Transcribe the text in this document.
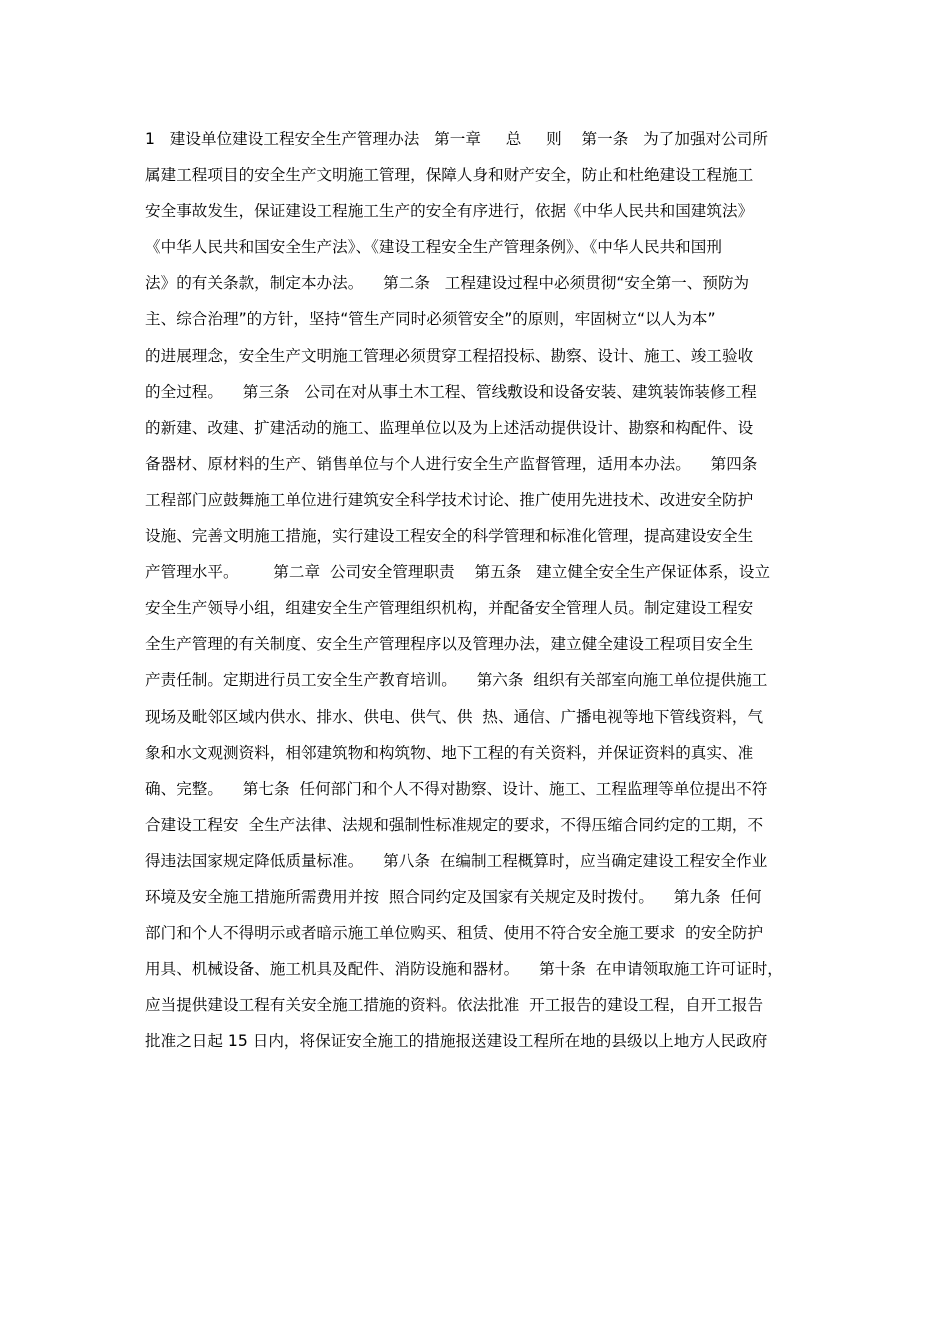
1   建设单位建设工程安全生产管理办法   第一章     总     则    第一条   为了加强对公司所
属建工程项目的安全生产文明施工管理，保障人身和财产安全，防止和杜绝建设工程施工
安全事故发生，保证建设工程施工生产的安全有序进行，依据《中华人民共和国建筑法》
《中华人民共和国安全生产法》、《建设工程安全生产管理条例》、《中华人民共和国刑
法》的有关条款，制定本办法。    第二条   工程建设过程中必须贯彻“安全第一、预防为
主、综合治理”的方针，坚持“管生产同时必须管安全”的原则，牢固树立“以人为本”
的进展理念，安全生产文明施工管理必须贯穿工程招投标、勘察、设计、施工、竣工验收
的全过程。    第三条   公司在对从事土木工程、管线敷设和设备安装、建筑装饰装修工程
的新建、改建、扩建活动的施工、监理单位以及为上述活动提供设计、勘察和构配件、设
备器材、原材料的生产、销售单位与个人进行安全生产监督管理，适用本办法。    第四条
工程部门应鼓舞施工单位进行建筑安全科学技术讨论、推广使用先进技术、改进安全防护
设施、完善文明施工措施，实行建设工程安全的科学管理和标准化管理，提高建设安全生
产管理水平。       第二章  公司安全管理职责    第五条   建立健全安全生产保证体系，设立
安全生产领导小组，组建安全生产管理组织机构，并配备安全管理人员。制定建设工程安
全生产管理的有关制度、安全生产管理程序以及管理办法，建立健全建设工程项目安全生
产责任制。定期进行员工安全生产教育培训。    第六条  组织有关部室向施工单位提供施工
现场及毗邻区域内供水、排水、供电、供气、供  热、通信、广播电视等地下管线资料，气
象和水文观测资料，相邻建筑物和构筑物、地下工程的有关资料，并保证资料的真实、准
确、完整。    第七条  任何部门和个人不得对勘察、设计、施工、工程监理等单位提出不符
合建设工程安  全生产法律、法规和强制性标准规定的要求，不得压缩合同约定的工期，不
得违法国家规定降低质量标准。    第八条  在编制工程概算时，应当确定建设工程安全作业
环境及安全施工措施所需费用并按  照合同约定及国家有关规定及时拨付。    第九条  任何
部门和个人不得明示或者暗示施工单位购买、租赁、使用不符合安全施工要求  的安全防护
用具、机械设备、施工机具及配件、消防设施和器材。    第十条  在申请领取施工许可证时，
应当提供建设工程有关安全施工措施的资料。依法批准  开工报告的建设工程，自开工报告
批准之日起 15 日内，将保证安全施工的措施报送建设工程所在地的县级以上地方人民政府
